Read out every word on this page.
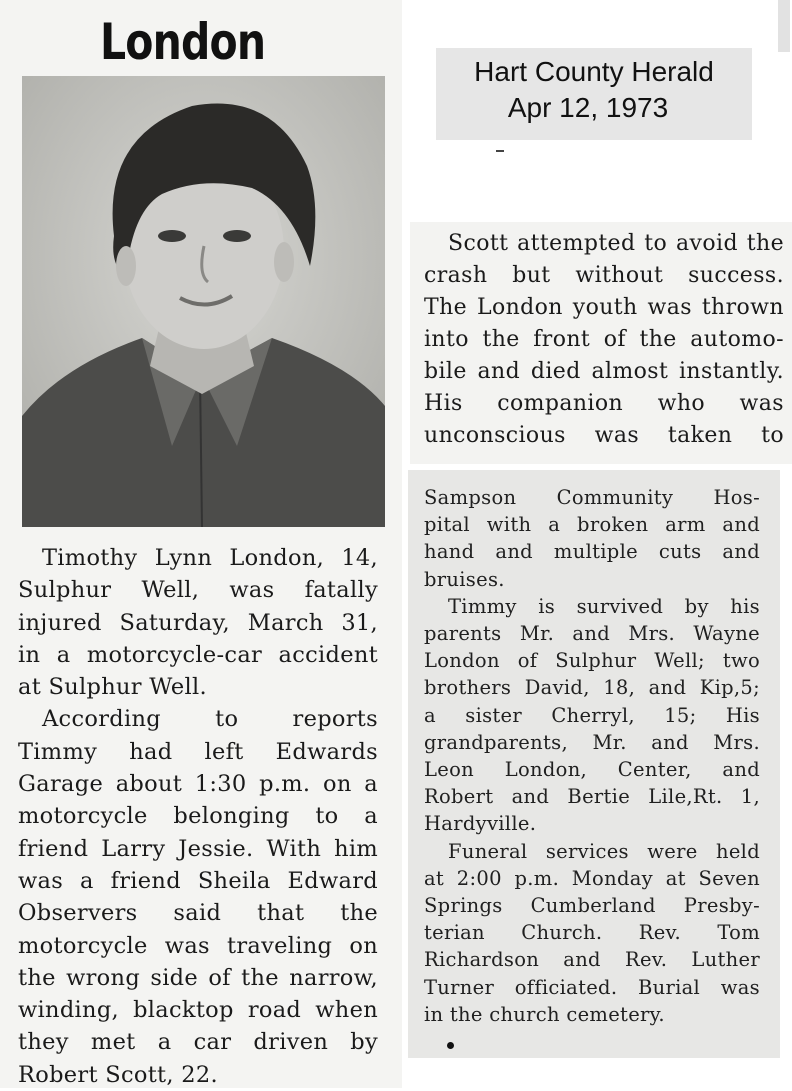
London
Timothy Lynn London, 14,
Sulphur Well, was fatally
injured Saturday, March 31,
in a motorcycle-car accident
at Sulphur Well.
According to reports
Timmy had left Edwards
Garage about 1:30 p.m. on a
motorcycle belonging to a
friend Larry Jessie. With him
was a friend Sheila Edward
Observers said that the
motorcycle was traveling on
the wrong side of the narrow,
winding, blacktop road when
they met a car driven by
Robert Scott, 22.
Hart County Herald
Apr 12, 1973
Scott attempted to avoid the
crash but without success.
The London youth was thrown
into the front of the automo-
bile and died almost instantly.
His companion who was
unconscious was taken to
Sampson Community Hos-
pital with a broken arm and
hand and multiple cuts and
bruises.
Timmy is survived by his
parents Mr. and Mrs. Wayne
London of Sulphur Well; two
brothers David, 18, and Kip,5;
a sister Cherryl, 15; His
grandparents, Mr. and Mrs.
Leon London, Center, and
Robert and Bertie Lile,Rt. 1,
Hardyville.
Funeral services were held
at 2:00 p.m. Monday at Seven
Springs Cumberland Presby-
terian Church. Rev. Tom
Richardson and Rev. Luther
Turner officiated. Burial was
in the church cemetery.
